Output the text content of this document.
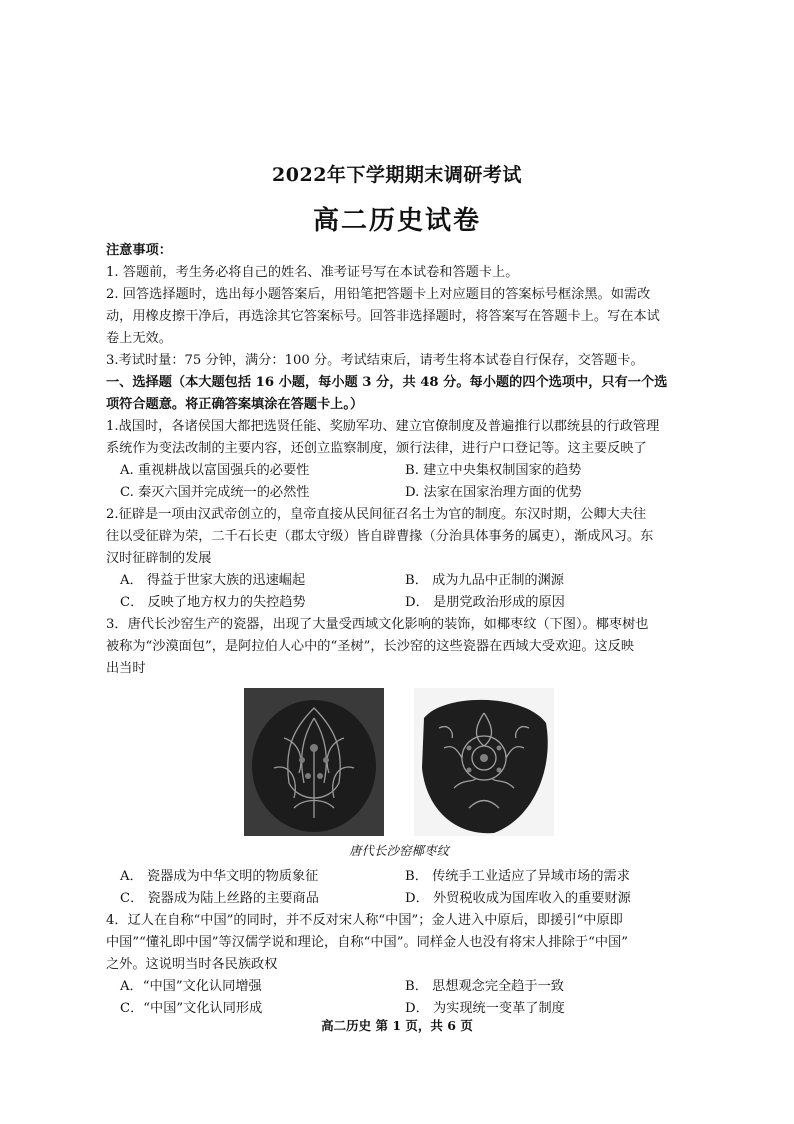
2022年下学期期末调研考试
高二历史试卷
注意事项：
1. 答题前，考生务必将自己的姓名、准考证号写在本试卷和答题卡上。
2. 回答选择题时，选出每小题答案后，用铅笔把答题卡上对应题目的答案标号框涂黑。如需改
动，用橡皮擦干净后，再选涂其它答案标号。回答非选择题时，将答案写在答题卡上。写在本试
卷上无效。
3.考试时量：75 分钟，满分：100 分。考试结束后，请考生将本试卷自行保存，交答题卡。
一、选择题（本大题包括 16 小题，每小题 3 分，共 48 分。每小题的四个选项中，只有一个选
项符合题意。将正确答案填涂在答题卡上。）
1.战国时，各诸侯国大都把选贤任能、奖励军功、建立官僚制度及普遍推行以郡统县的行政管理
系统作为变法改制的主要内容，还创立监察制度，颁行法律，进行户口登记等。这主要反映了
A. 重视耕战以富国强兵的必要性	B. 建立中央集权制国家的趋势
C. 秦灭六国并完成统一的必然性	D. 法家在国家治理方面的优势
2.征辟是一项由汉武帝创立的，皇帝直接从民间征召名士为官的制度。东汉时期，公卿大夫往
往以受征辟为荣，二千石长吏（郡太守级）皆自辟曹掾（分治具体事务的属吏），渐成风习。东
汉时征辟制的发展
A． 得益于世家大族的迅速崛起	B． 成为九品中正制的渊源
C． 反映了地方权力的失控趋势	D． 是朋党政治形成的原因
3．唐代长沙窑生产的瓷器，出现了大量受西域文化影响的装饰，如椰枣纹（下图）。椰枣树也
被称为“沙漠面包”，是阿拉伯人心中的“圣树”，长沙窑的这些瓷器在西域大受欢迎。这反映
出当时
唐代长沙窑椰枣纹
A． 瓷器成为中华文明的物质象征	B． 传统手工业适应了异域市场的需求
C． 瓷器成为陆上丝路的主要商品	D． 外贸税收成为国库收入的重要财源
4．辽人在自称“中国”的同时，并不反对宋人称“中国”；金人进入中原后，即援引“中原即
中国”“懂礼即中国”等汉儒学说和理论，自称“中国”。同样金人也没有将宋人排除于“中国”
之外。这说明当时各民族政权
A．“中国”文化认同增强	B． 思想观念完全趋于一致
C．“中国”文化认同形成	D． 为实现统一变革了制度
高二历史 第 1 页，共 6 页
